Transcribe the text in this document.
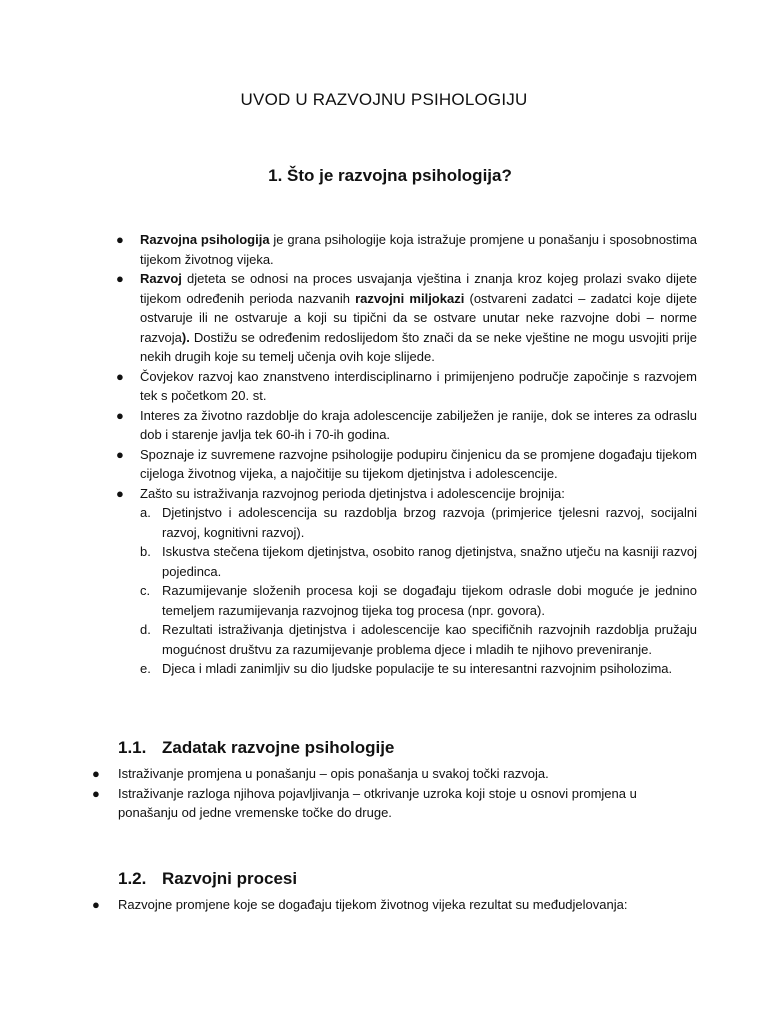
UVOD U RAZVOJNU PSIHOLOGIJU
1. Što je razvojna psihologija?
● Razvojna psihologija je grana psihologije koja istražuje promjene u ponašanju i sposobnostima tijekom životnog vijeka.
● Razvoj djeteta se odnosi na proces usvajanja vještina i znanja kroz kojeg prolazi svako dijete tijekom određenih perioda nazvanih razvojni miljokazi (ostvareni zadatci – zadatci koje dijete ostvaruje ili ne ostvaruje a koji su tipični da se ostvare unutar neke razvojne dobi – norme razvoja). Dostižu se određenim redoslijedom što znači da se neke vještine ne mogu usvojiti prije nekih drugih koje su temelj učenja ovih koje slijede.
● Čovjekov razvoj kao znanstveno interdisciplinarno i primijenjeno područje započinje s razvojem tek s početkom 20. st.
● Interes za životno razdoblje do kraja adolescencije zabilježen je ranije, dok se interes za odraslu dob i starenje javlja tek 60-ih i 70-ih godina.
● Spoznaje iz suvremene razvojne psihologije podupiru činjenicu da se promjene događaju tijekom cijeloga životnog vijeka, a najočitije su tijekom djetinjstva i adolescencije.
● Zašto su istraživanja razvojnog perioda djetinjstva i adolescencije brojnija:
a. Djetinjstvo i adolescencija su razdoblja brzog razvoja (primjerice tjelesni razvoj, socijalni razvoj, kognitivni razvoj).
b. Iskustva stečena tijekom djetinjstva, osobito ranog djetinjstva, snažno utječu na kasniji razvoj pojedinca.
c. Razumijevanje složenih procesa koji se događaju tijekom odrasle dobi moguće je jednino temeljem razumijevanja razvojnog tijeka tog procesa (npr. govora).
d. Rezultati istraživanja djetinjstva i adolescencije kao specifičnih razvojnih razdoblja pružaju mogućnost društvu za razumijevanje problema djece i mladih te njihovo preveniranje.
e. Djeca i mladi zanimljiv su dio ljudske populacije te su interesantni razvojnim psiholozima.
1.1. Zadatak razvojne psihologije
● Istraživanje promjena u ponašanju – opis ponašanja u svakoj točki razvoja.
● Istraživanje razloga njihova pojavljivanja – otkrivanje uzroka koji stoje u osnovi promjena u ponašanju od jedne vremenske točke do druge.
1.2. Razvojni procesi
● Razvojne promjene koje se događaju tijekom životnog vijeka rezultat su međudjelovanja:
